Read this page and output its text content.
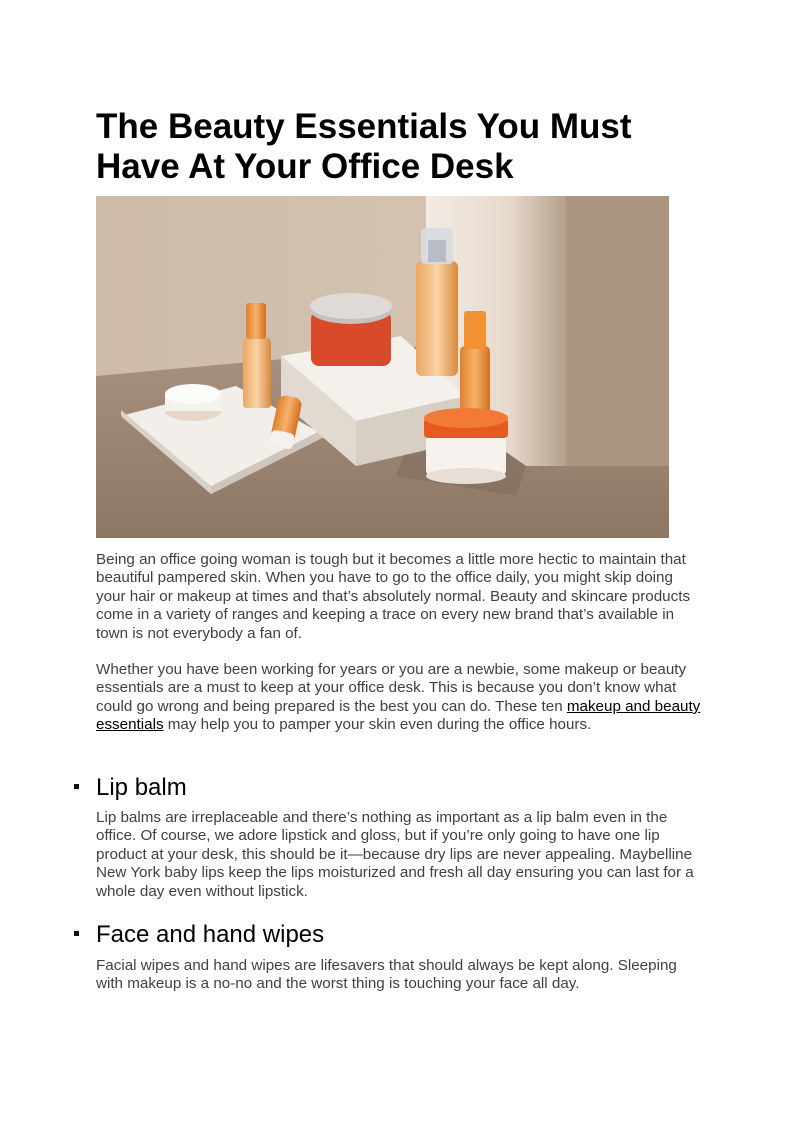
The Beauty Essentials You Must Have At Your Office Desk

Being an office going woman is tough but it becomes a little more hectic to maintain that beautiful pampered skin. When you have to go to the office daily, you might skip doing your hair or makeup at times and that’s absolutely normal. Beauty and skincare products come in a variety of ranges and keeping a trace on every new brand that’s available in town is not everybody a fan of.

Whether you have been working for years or you are a newbie, some makeup or beauty essentials are a must to keep at your office desk. This is because you don’t know what could go wrong and being prepared is the best you can do. These ten makeup and beauty essentials may help you to pamper your skin even during the office hours.

Lip balm

Lip balms are irreplaceable and there’s nothing as important as a lip balm even in the office. Of course, we adore lipstick and gloss, but if you’re only going to have one lip product at your desk, this should be it—because dry lips are never appealing. Maybelline New York baby lips keep the lips moisturized and fresh all day ensuring you can last for a whole day even without lipstick.

Face and hand wipes

Facial wipes and hand wipes are lifesavers that should always be kept along. Sleeping with makeup is a no-no and the worst thing is touching your face all day.
